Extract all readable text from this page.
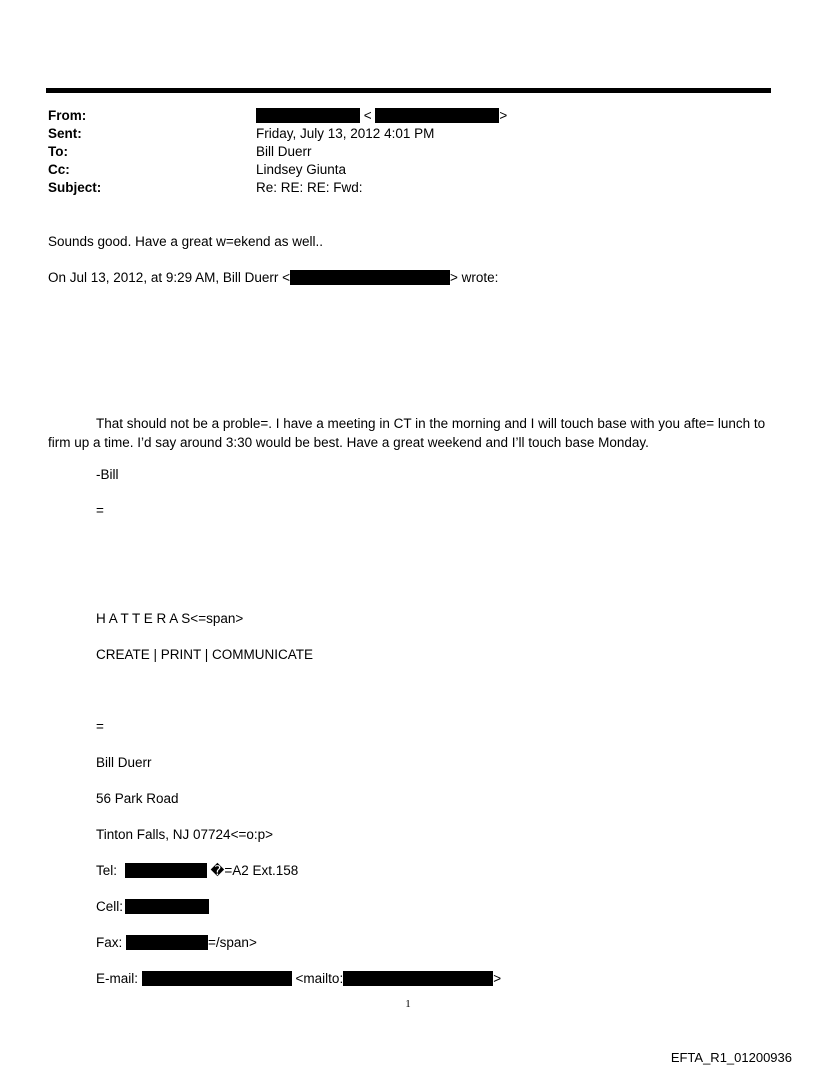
From:	<	>
Sent:	Friday, July 13, 2012 4:01 PM
To:	Bill Duerr
Cc:	Lindsey Giunta
Subject:	Re: RE: RE: Fwd:
Sounds good. Have a great w=ekend as well..
On Jul 13, 2012, at 9:29 AM, Bill Duerr <	> wrote:
That should not be a proble=. I have a meeting in CT in the morning and I will touch base with you afte= lunch to firm up a time. I’d say around 3:30 would be best. Have a great weekend and I’ll touch base Monday.
-Bill
=
H A T T E R A S<=span>
CREATE | PRINT | COMMUNICATE
=
Bill Duerr
56 Park Road
Tinton Falls, NJ 07724<=o:p>
Tel:	�=A2 Ext.158
Cell:
Fax:	=/span>
E-mail:	<mailto:	>
1
EFTA_R1_01200936
